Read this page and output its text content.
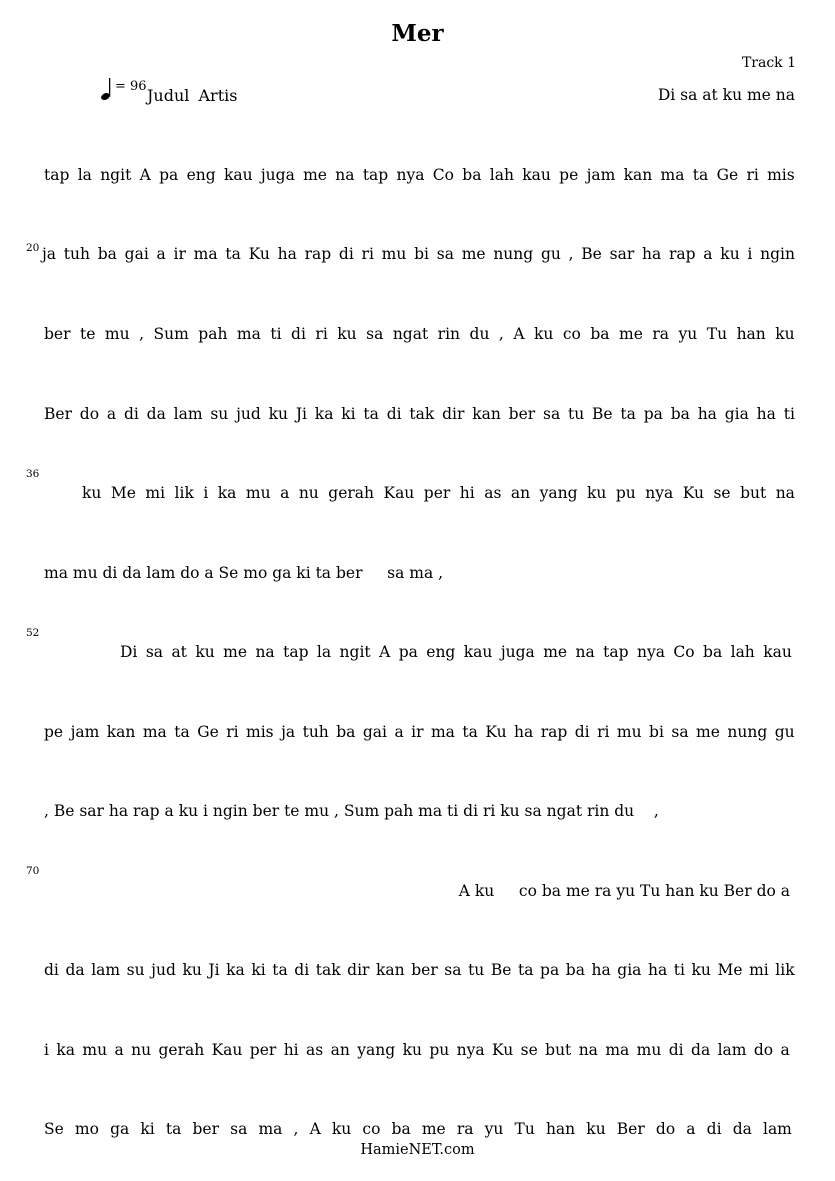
Mer
Track 1
= 96 Judul Artis	Di sa at ku me na
tap la ngit A pa eng kau juga me na tap nya Co ba lah kau pe jam kan ma ta Ge ri mis
20 ja tuh ba gai a ir ma ta Ku ha rap di ri mu bi sa me nung gu , Be sar ha rap a ku i ngin
ber te mu , Sum pah ma ti di ri ku sa ngat rin du , A ku co ba me ra yu Tu han ku
Ber do a di da lam su jud ku Ji ka ki ta di tak dir kan ber sa tu Be ta pa ba ha gia ha ti
36
ku Me mi lik i ka mu a nu gerah Kau per hi as an yang ku pu nya Ku se but na
ma mu di da lam do a Se mo ga ki ta ber     sa ma ,
52
Di sa at ku me na tap la ngit A pa eng kau juga me na tap nya Co ba lah kau
pe jam kan ma ta Ge ri mis ja tuh ba gai a ir ma ta Ku ha rap di ri mu bi sa me nung gu
, Be sar ha rap a ku i ngin ber te mu , Sum pah ma ti di ri ku sa ngat rin du    ,
70
A ku     co ba me ra yu Tu han ku Ber do a
di da lam su jud ku Ji ka ki ta di tak dir kan ber sa tu Be ta pa ba ha gia ha ti ku Me mi lik
i ka mu a nu gerah Kau per hi as an yang ku pu nya Ku se but na ma mu di da lam do a
Se mo ga ki ta ber sa ma , A ku co ba me ra yu Tu han ku Ber do a di da lam
HamieNET.com
